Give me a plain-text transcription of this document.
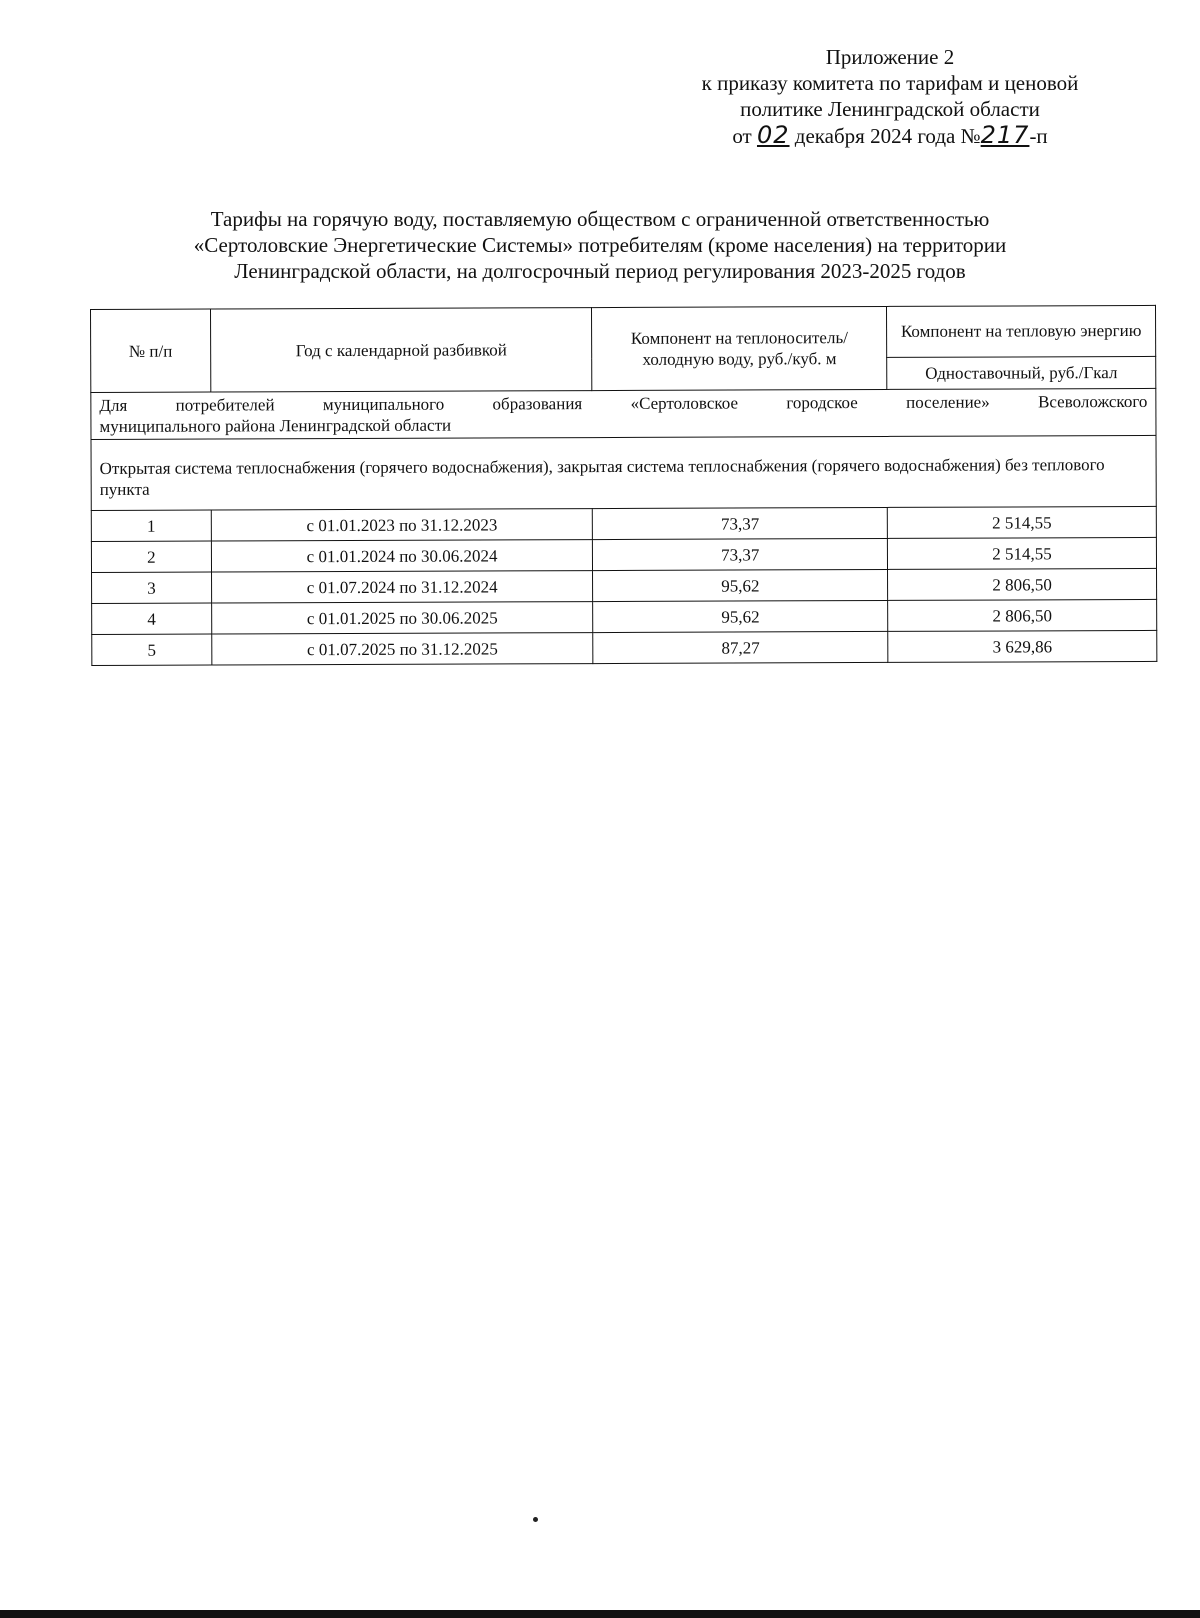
Приложение 2
к приказу комитета по тарифам и ценовой
политике Ленинградской области
от 02 декабря 2024 года №217-п
Тарифы на горячую воду, поставляемую обществом с ограниченной ответственностью
«Сертоловские Энергетические Системы» потребителям (кроме населения) на территории
Ленинградской области, на долгосрочный период регулирования 2023-2025 годов
№ п/п	Год с календарной разбивкой	Компонент на теплоноситель/ холодную воду, руб./куб. м	Компонент на тепловую энергию
			Одноставочный, руб./Гкал

Для потребителей муниципального образования «Сертоловское городское поселение» Всеволожского
муниципального района Ленинградской области			
Открытая система теплоснабжения (горячего водоснабжения), закрытая система теплоснабжения (горячего водоснабжения) без теплового пункта			
1	с 01.01.2023 по 31.12.2023	73,37	2 514,55
2	с 01.01.2024 по 30.06.2024	73,37	2 514,55
3	с 01.07.2024 по 31.12.2024	95,62	2 806,50
4	с 01.01.2025 по 30.06.2025	95,62	2 806,50
5	с 01.07.2025 по 31.12.2025	87,27	3 629,86
